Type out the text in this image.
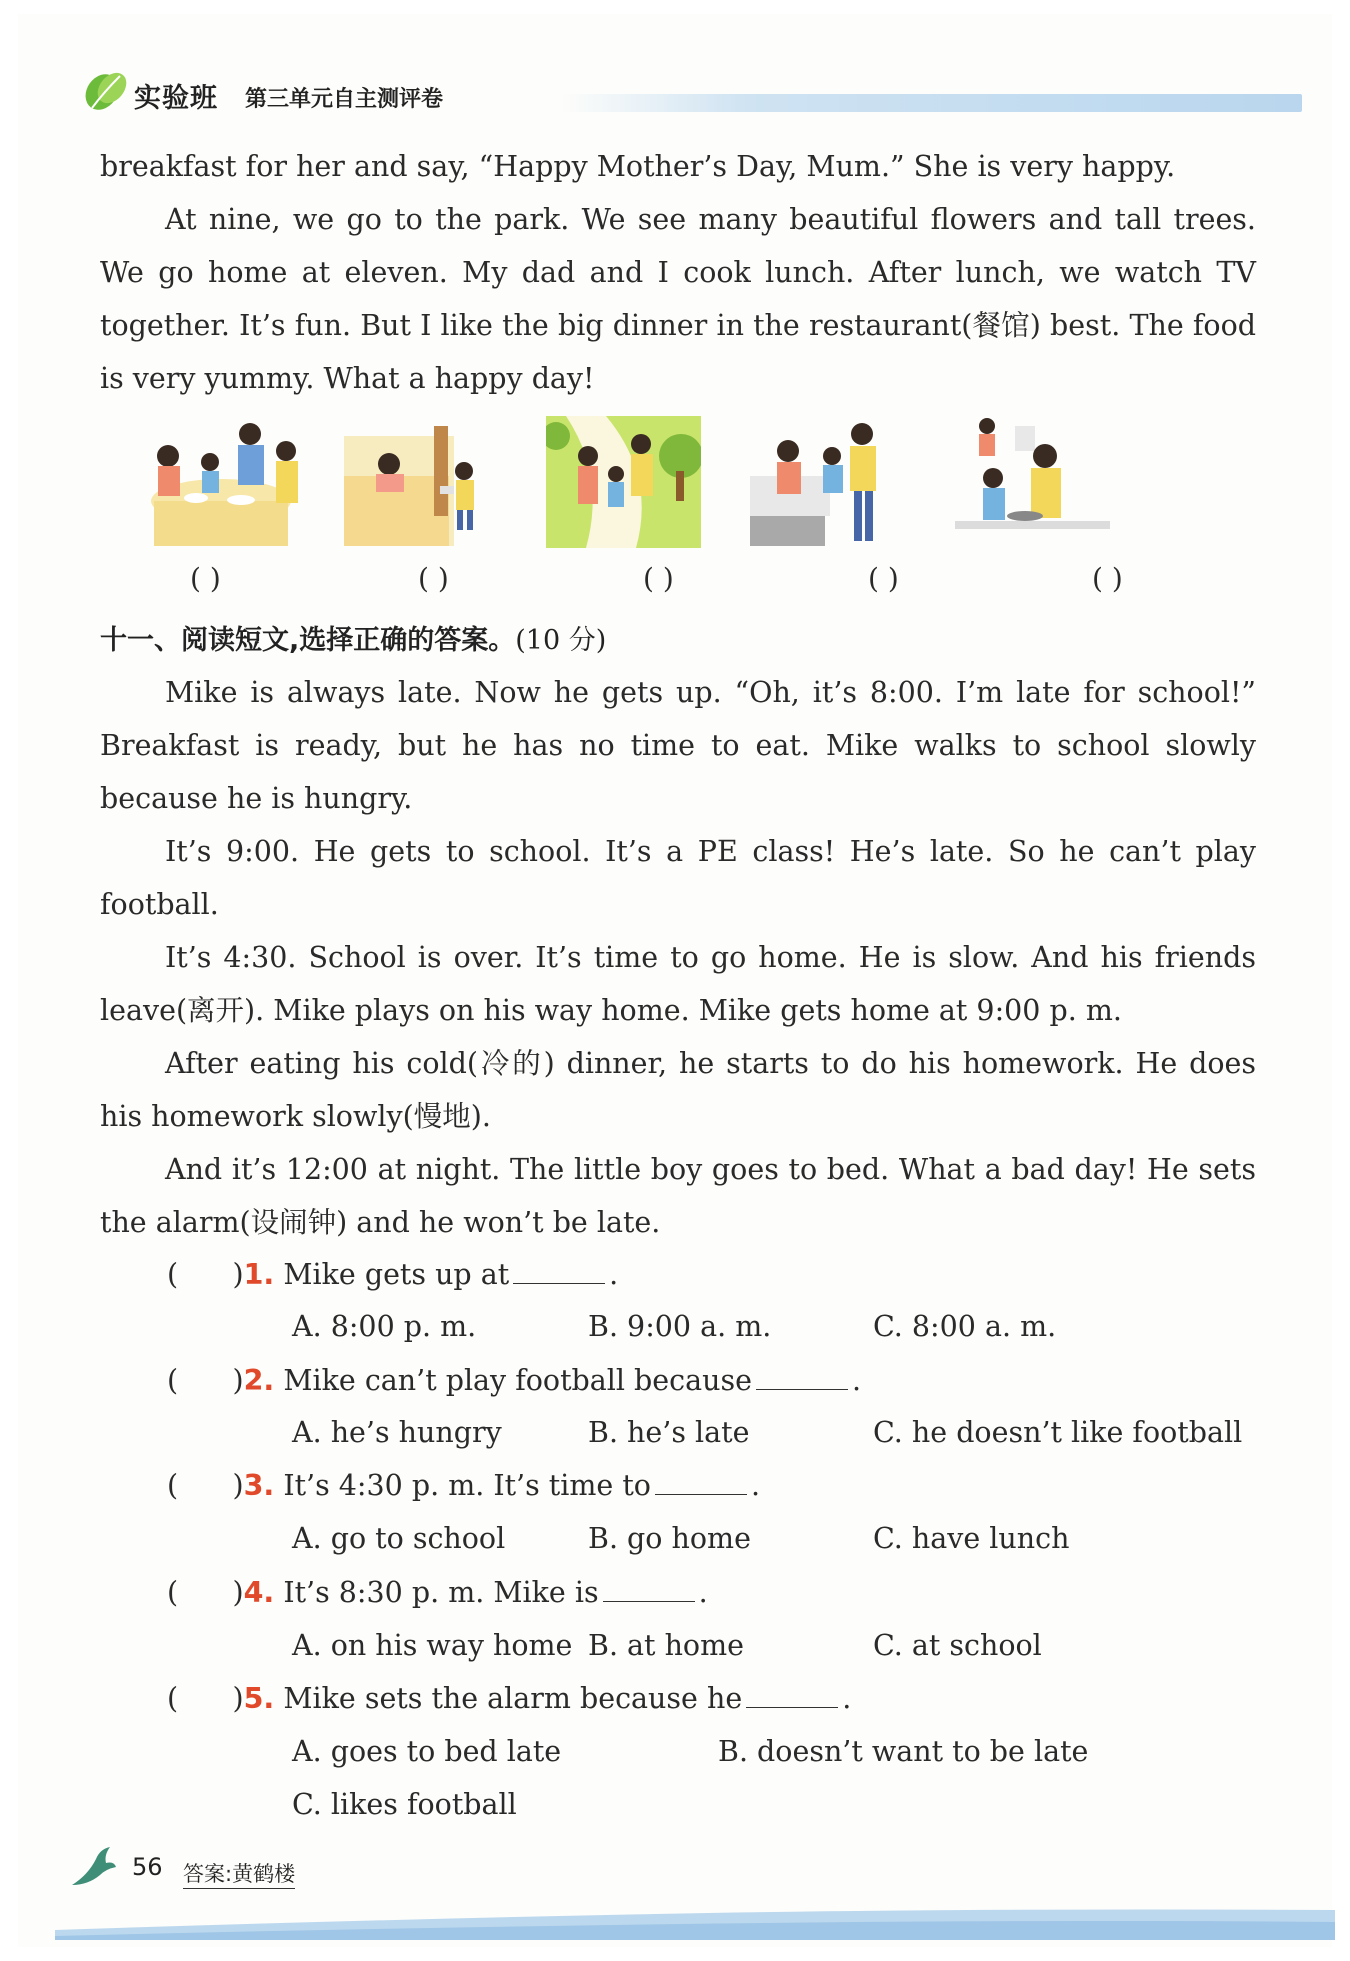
实验班 第三单元自主测评卷
breakfast for her and say, “Happy Mother’s Day, Mum.” She is very happy.
At nine, we go to the park. We see many beautiful flowers and tall trees. We go home at eleven. My dad and I cook lunch. After lunch, we watch TV together. It’s fun. But I like the big dinner in the restaurant(餐馆) best. The food is very yummy. What a happy day!
( )	( )	( )	( )	( )
十一、阅读短文,选择正确的答案。(10 分)
Mike is always late. Now he gets up. “Oh, it’s 8:00. I’m late for school!” Breakfast is ready, but he has no time to eat. Mike walks to school slowly because he is hungry.
It’s 9:00. He gets to school. It’s a PE class! He’s late. So he can’t play football.
It’s 4:30. School is over. It’s time to go home. He is slow. And his friends leave(离开). Mike plays on his way home. Mike gets home at 9:00 p. m.
After eating his cold(冷的) dinner, he starts to do his homework. He does his homework slowly(慢地).
And it’s 12:00 at night. The little boy goes to bed. What a bad day! He sets the alarm(设闹钟) and he won’t be late.
(      )1. Mike gets up at	.
A. 8:00 p. m.	B. 9:00 a. m.	C. 8:00 a. m.
(      )2. Mike can’t play football because	.
A. he’s hungry	B. he’s late	C. he doesn’t like football
(      )3. It’s 4:30 p. m. It’s time to	.
A. go to school	B. go home	C. have lunch
(      )4. It’s 8:30 p. m. Mike is	.
A. on his way home B. at home	C. at school
(      )5. Mike sets the alarm because he	.
A. goes to bed late	B. doesn’t want to be late
C. likes football
56 答案:黄鹤楼
